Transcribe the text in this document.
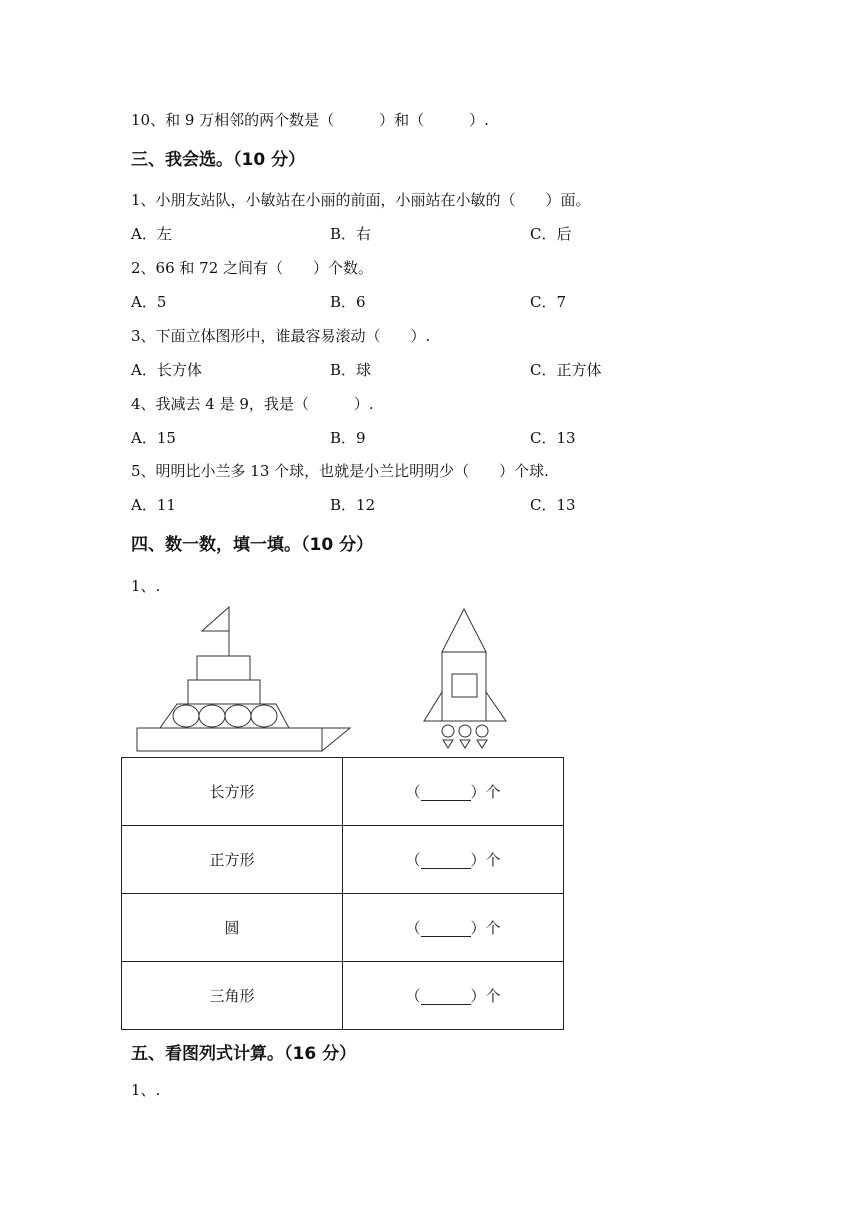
10、和 9 万相邻的两个数是（　　　）和（　　　）.
三、我会选。（10 分）
1、小朋友站队，小敏站在小丽的前面，小丽站在小敏的（　　）面。
A．左	B．右	C．后
2、66 和 72 之间有（　　）个数。
A．5	B．6	C．7
3、下面立体图形中，谁最容易滚动（　　）.
A．长方体	B．球	C．正方体
4、我减去 4 是 9，我是（　　　）.
A．15	B．9	C．13
5、明明比小兰多 13 个球，也就是小兰比明明少（　　）个球.
A．11	B．12	C．13
四、数一数，填一填。（10 分）
1、.
长方形	（ ）个
正方形	（ ）个
圆	（ ）个
三角形	（ ）个
五、看图列式计算。（16 分）
1、.
